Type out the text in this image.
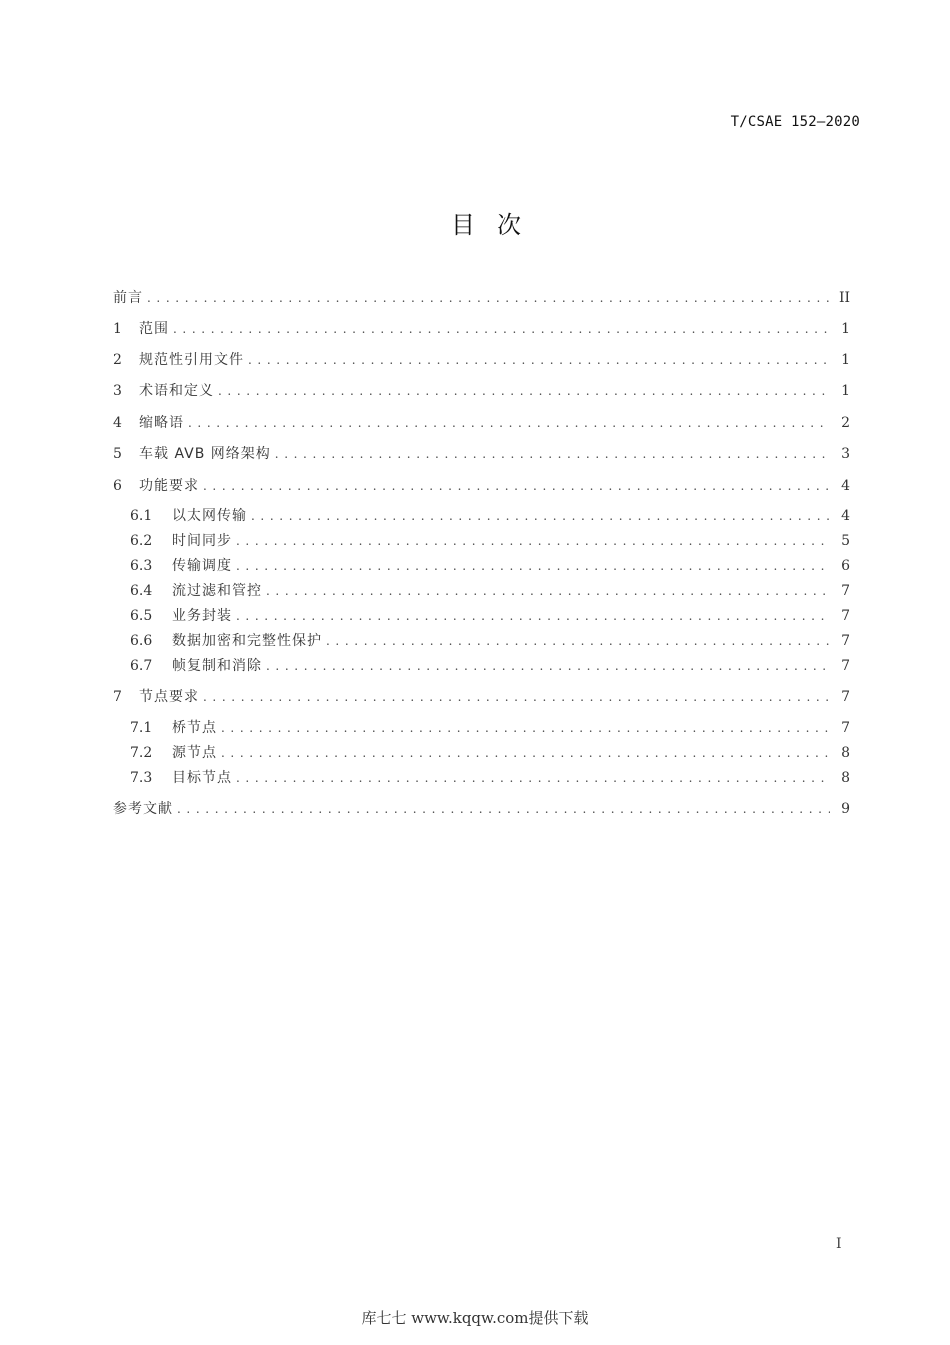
T/CSAE 152—2020
目次
前言 . . .	II
1	范围 . . .	1
2	规范性引用文件 . . .	1
3	术语和定义 . . .	1
4	缩略语 . . .	2
5	车载 AVB 网络架构 . . .	3
6	功能要求 . . .	4
6.1	以太网传输 . . .	4
6.2	时间同步 . . .	5
6.3	传输调度 . . .	6
6.4	流过滤和管控 . . .	7
6.5	业务封装 . . .	7
6.6	数据加密和完整性保护 . . .	7
6.7	帧复制和消除 . . .	7
7	节点要求 . . .	7
7.1	桥节点 . . .	7
7.2	源节点 . . .	8
7.3	目标节点 . . .	8
参考文献 . . .	9
I
库七七 www.kqqw.com提供下载
